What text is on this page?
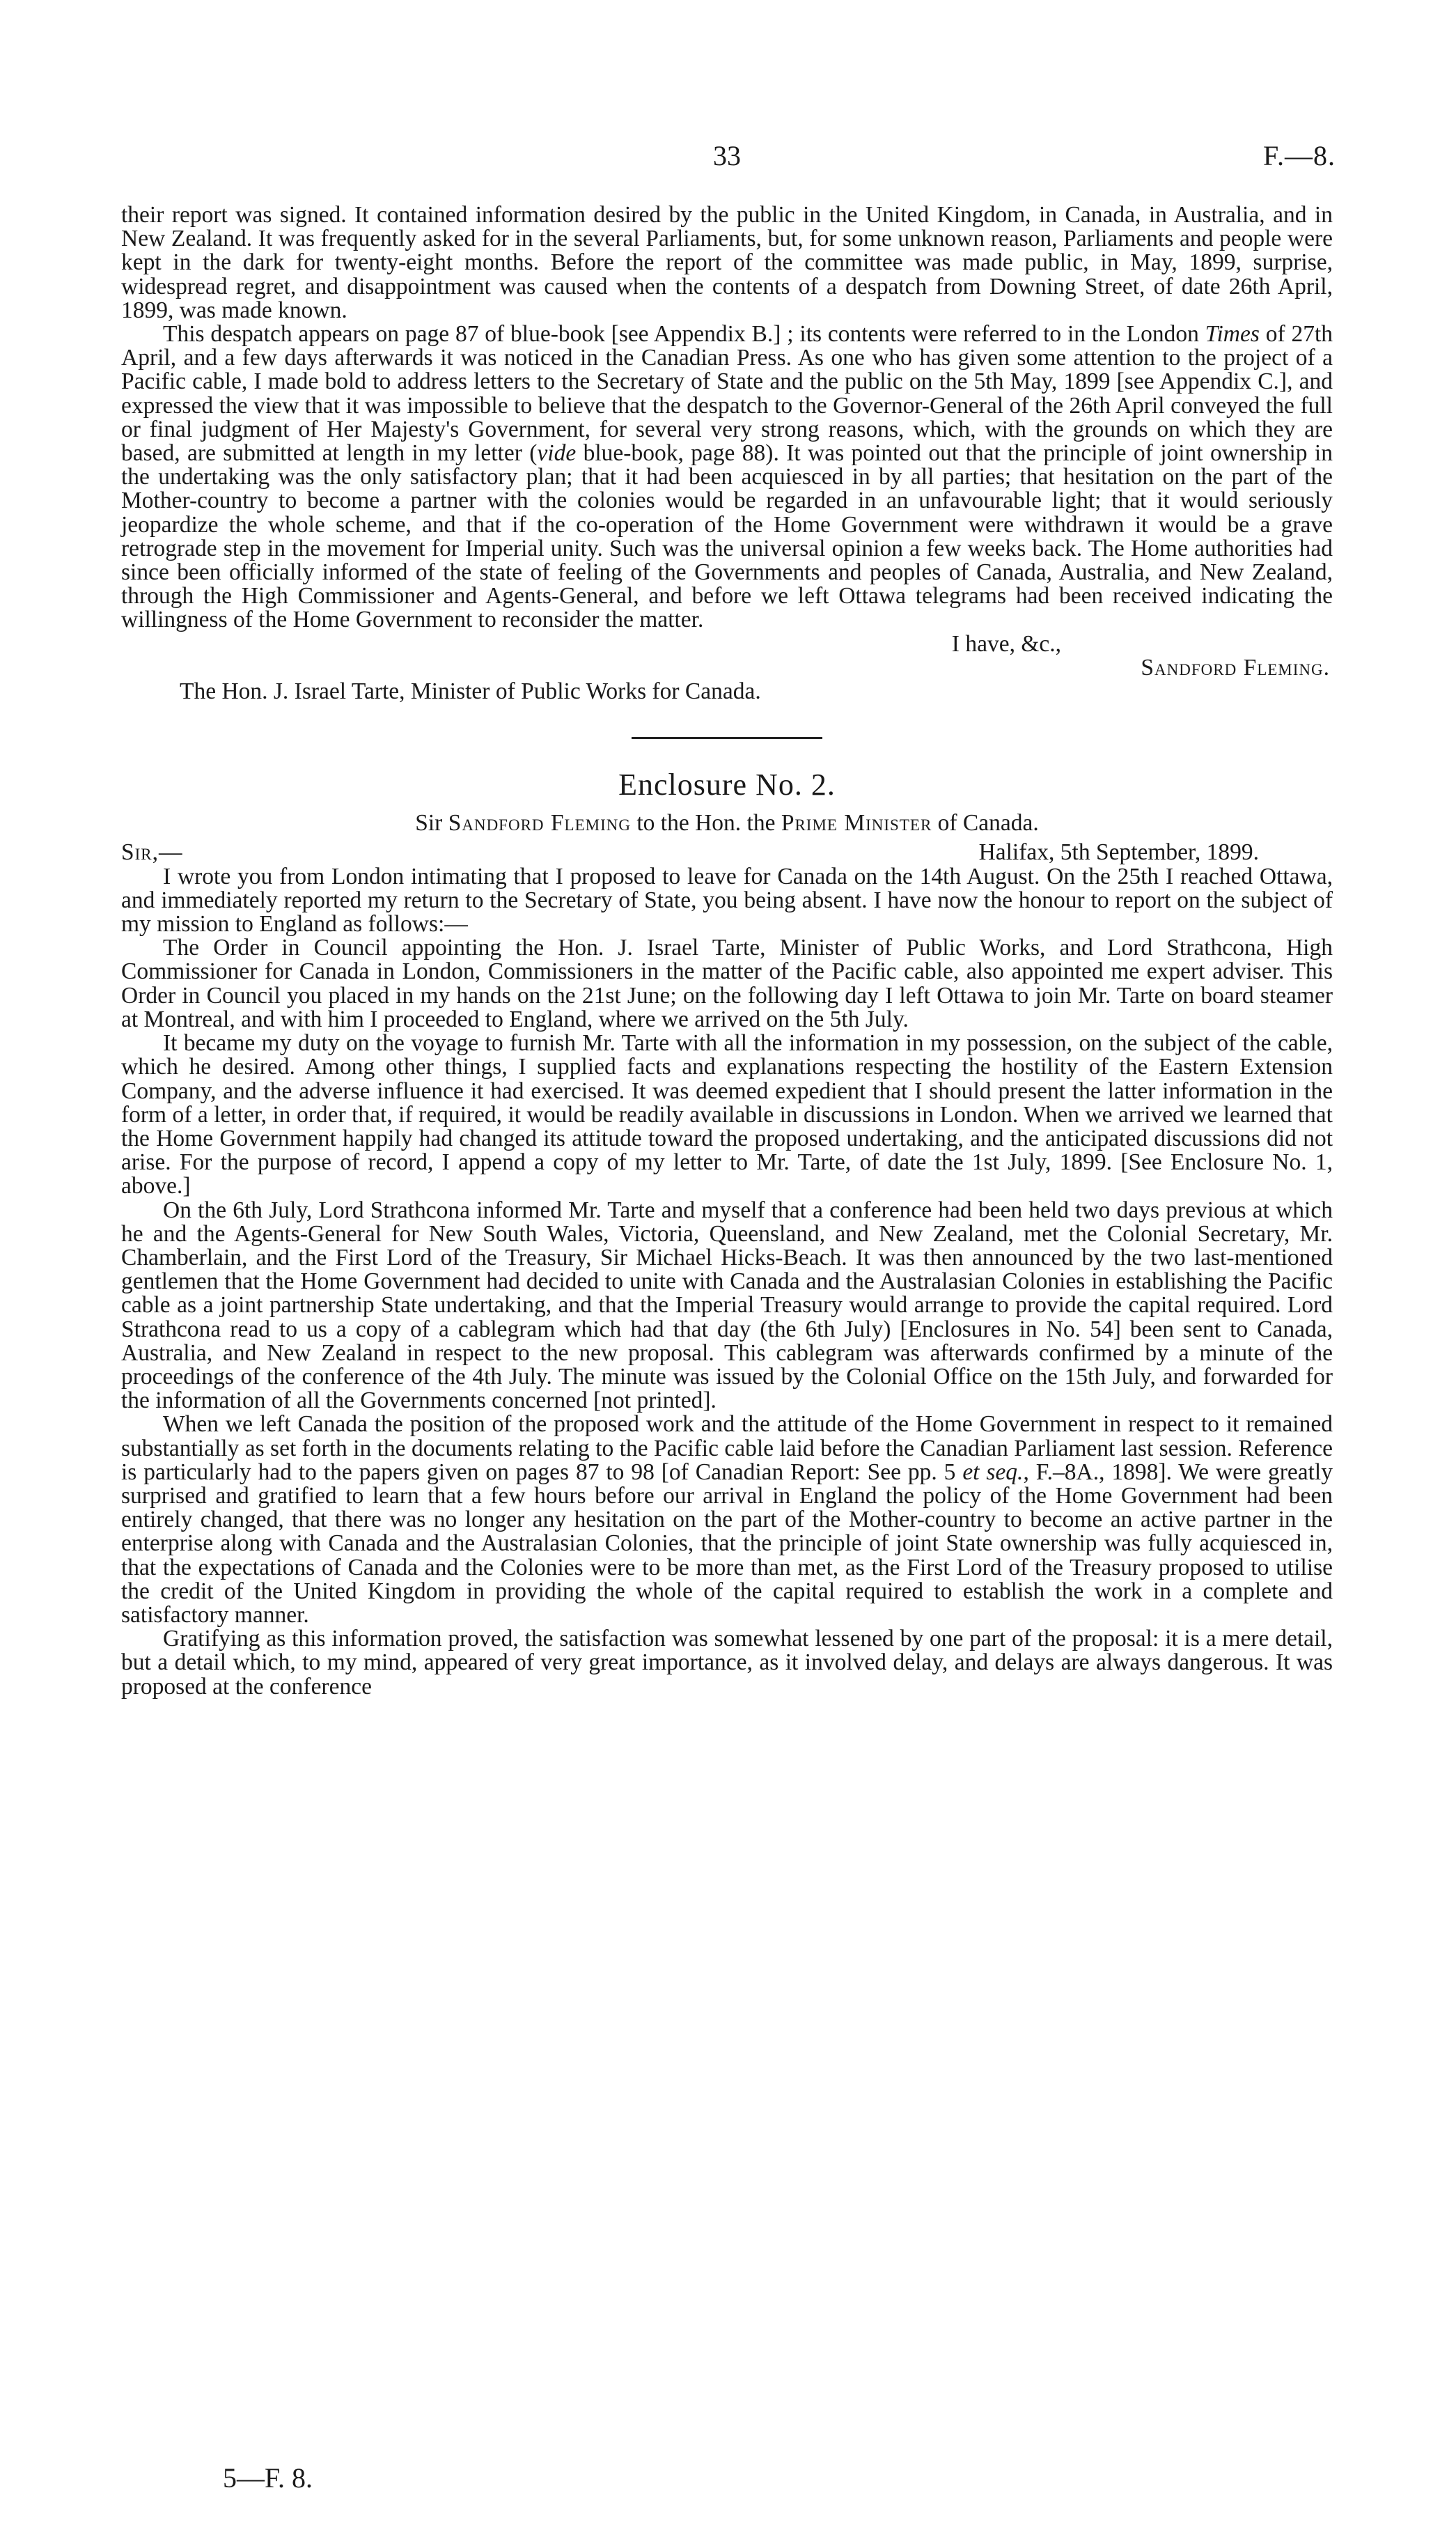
33	F.—8.

their report was signed. It contained information desired by the public in the United Kingdom, in Canada, in Australia, and in New Zealand. It was frequently asked for in the several Parliaments, but, for some unknown reason, Parliaments and people were kept in the dark for twenty-eight months. Before the report of the committee was made public, in May, 1899, surprise, widespread regret, and disappointment was caused when the contents of a despatch from Downing Street, of date 26th April, 1899, was made known.

This despatch appears on page 87 of blue-book [see Appendix B.] ; its contents were referred to in the London Times of 27th April, and a few days afterwards it was noticed in the Canadian Press. As one who has given some attention to the project of a Pacific cable, I made bold to address letters to the Secretary of State and the public on the 5th May, 1899 [see Appendix C.], and expressed the view that it was impossible to believe that the despatch to the Governor-General of the 26th April conveyed the full or final judgment of Her Majesty's Government, for several very strong reasons, which, with the grounds on which they are based, are submitted at length in my letter (vide blue-book, page 88). It was pointed out that the principle of joint ownership in the undertaking was the only satisfactory plan; that it had been acquiesced in by all parties; that hesitation on the part of the Mother-country to become a partner with the colonies would be regarded in an unfavourable light; that it would seriously jeopardize the whole scheme, and that if the co-operation of the Home Government were withdrawn it would be a grave retrograde step in the movement for Imperial unity. Such was the universal opinion a few weeks back. The Home authorities had since been officially informed of the state of feeling of the Governments and peoples of Canada, Australia, and New Zealand, through the High Commissioner and Agents-General, and before we left Ottawa telegrams had been received indicating the willingness of the Home Government to reconsider the matter.

I have, &c.,
Sandford Fleming.
The Hon. J. Israel Tarte, Minister of Public Works for Canada.
Enclosure No. 2.
Sir Sandford Fleming to the Hon. the Prime Minister of Canada.
Sir,—	Halifax, 5th September, 1899.

I wrote you from London intimating that I proposed to leave for Canada on the 14th August. On the 25th I reached Ottawa, and immediately reported my return to the Secretary of State, you being absent. I have now the honour to report on the subject of my mission to England as follows:—

The Order in Council appointing the Hon. J. Israel Tarte, Minister of Public Works, and Lord Strathcona, High Commissioner for Canada in London, Commissioners in the matter of the Pacific cable, also appointed me expert adviser. This Order in Council you placed in my hands on the 21st June; on the following day I left Ottawa to join Mr. Tarte on board steamer at Montreal, and with him I proceeded to England, where we arrived on the 5th July.

It became my duty on the voyage to furnish Mr. Tarte with all the information in my possession, on the subject of the cable, which he desired. Among other things, I supplied facts and explanations respecting the hostility of the Eastern Extension Company, and the adverse influence it had exercised. It was deemed expedient that I should present the latter information in the form of a letter, in order that, if required, it would be readily available in discussions in London. When we arrived we learned that the Home Government happily had changed its attitude toward the proposed undertaking, and the anticipated discussions did not arise. For the purpose of record, I append a copy of my letter to Mr. Tarte, of date the 1st July, 1899. [See Enclosure No. 1, above.]

On the 6th July, Lord Strathcona informed Mr. Tarte and myself that a conference had been held two days previous at which he and the Agents-General for New South Wales, Victoria, Queensland, and New Zealand, met the Colonial Secretary, Mr. Chamberlain, and the First Lord of the Treasury, Sir Michael Hicks-Beach. It was then announced by the two last-mentioned gentlemen that the Home Government had decided to unite with Canada and the Australasian Colonies in establishing the Pacific cable as a joint partnership State undertaking, and that the Imperial Treasury would arrange to provide the capital required. Lord Strathcona read to us a copy of a cablegram which had that day (the 6th July) [Enclosures in No. 54] been sent to Canada, Australia, and New Zealand in respect to the new proposal. This cablegram was afterwards confirmed by a minute of the proceedings of the conference of the 4th July. The minute was issued by the Colonial Office on the 15th July, and forwarded for the information of all the Governments concerned [not printed].

When we left Canada the position of the proposed work and the attitude of the Home Government in respect to it remained substantially as set forth in the documents relating to the Pacific cable laid before the Canadian Parliament last session. Reference is particularly had to the papers given on pages 87 to 98 [of Canadian Report: See pp. 5 et seq., F.–8A., 1898]. We were greatly surprised and gratified to learn that a few hours before our arrival in England the policy of the Home Government had been entirely changed, that there was no longer any hesitation on the part of the Mother-country to become an active partner in the enterprise along with Canada and the Australasian Colonies, that the principle of joint State ownership was fully acquiesced in, that the expectations of Canada and the Colonies were to be more than met, as the First Lord of the Treasury proposed to utilise the credit of the United Kingdom in providing the whole of the capital required to establish the work in a complete and satisfactory manner.

Gratifying as this information proved, the satisfaction was somewhat lessened by one part of the proposal: it is a mere detail, but a detail which, to my mind, appeared of very great importance, as it involved delay, and delays are always dangerous. It was proposed at the conference

5—F. 8.
